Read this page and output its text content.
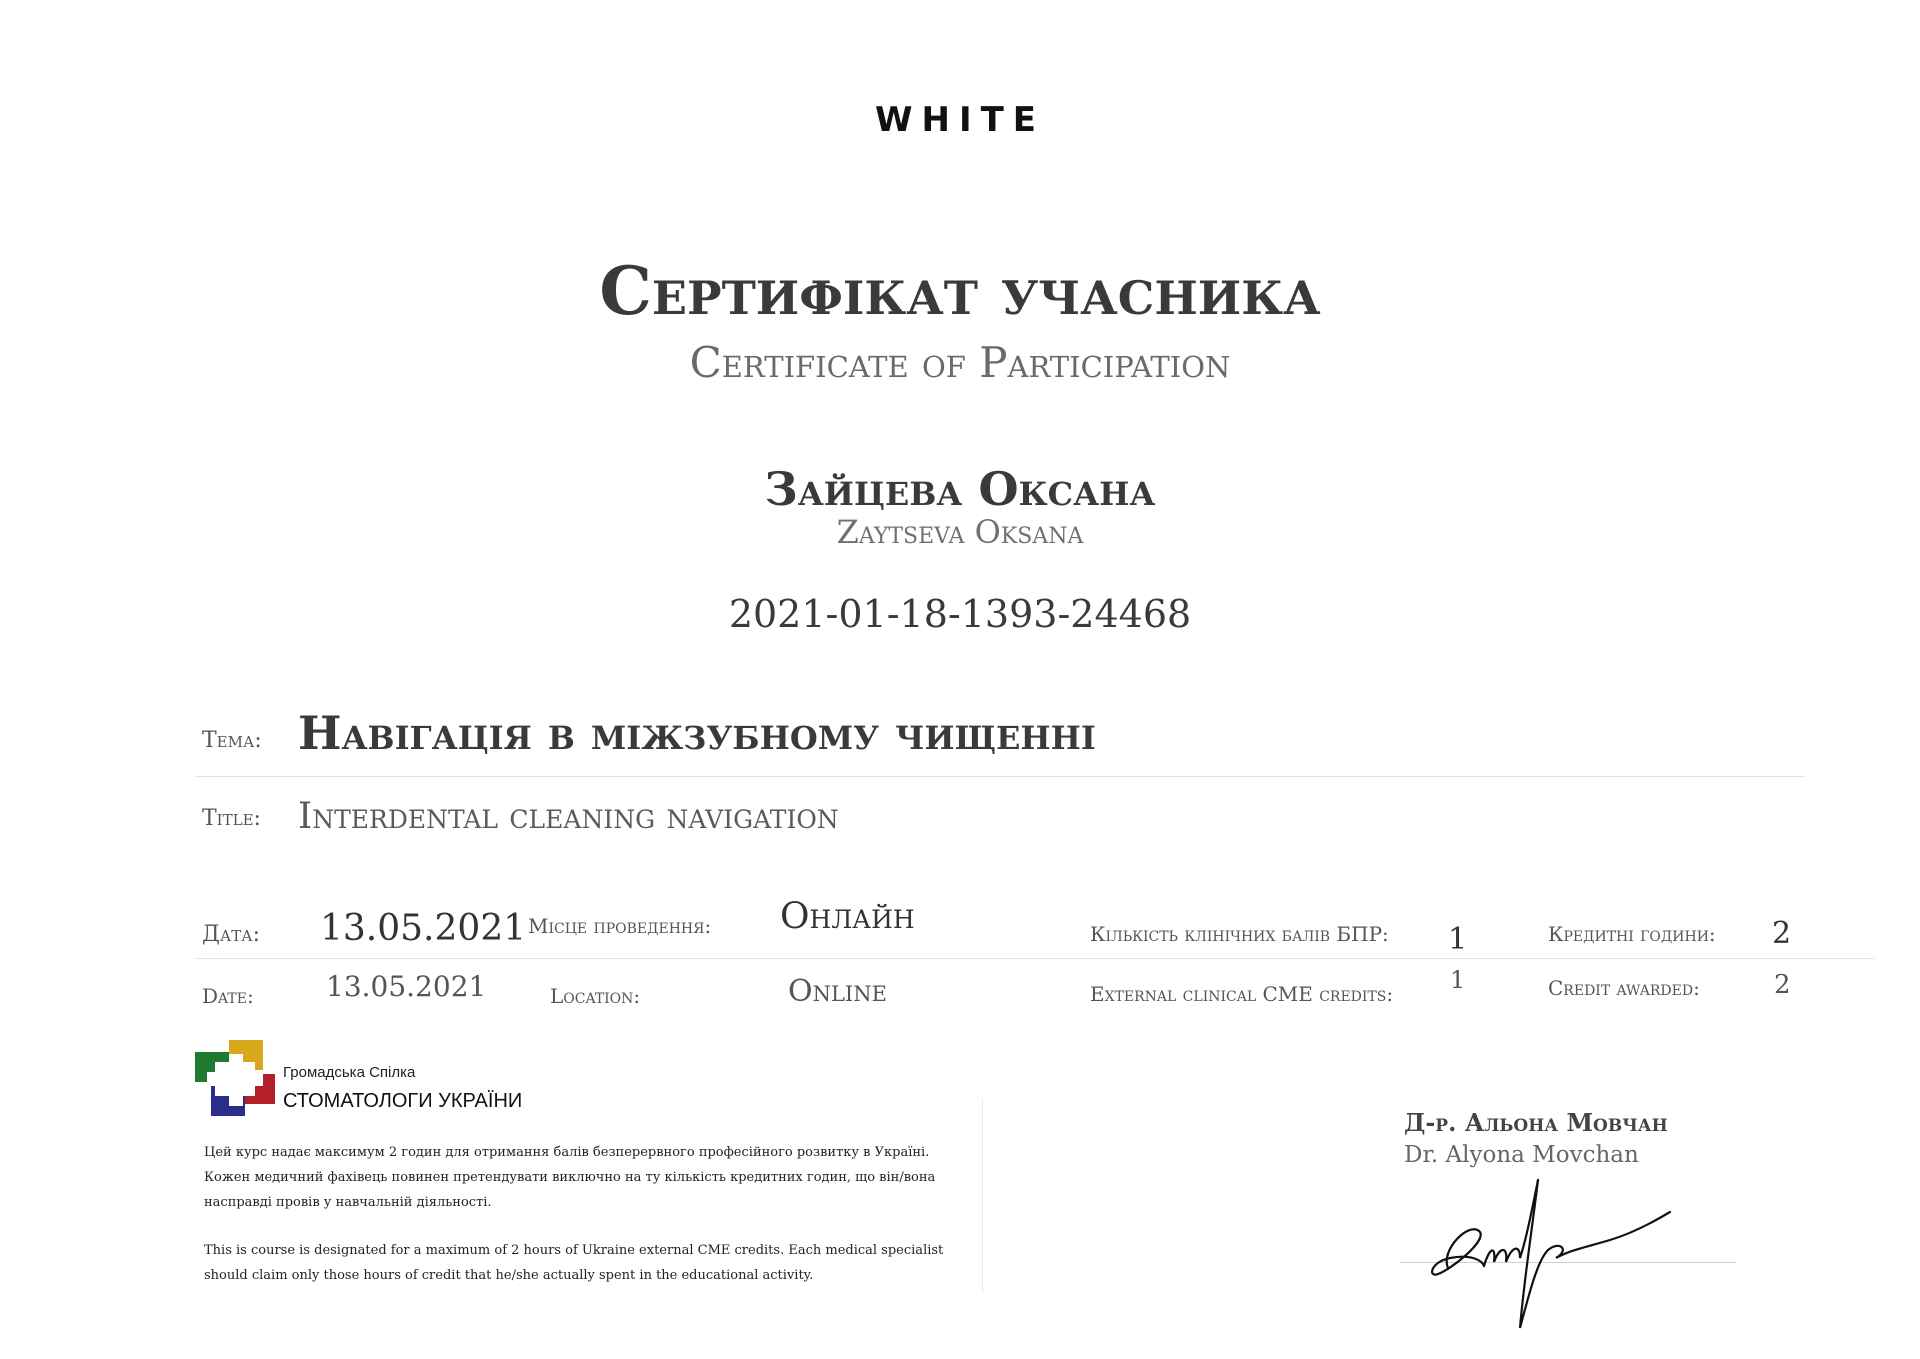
WHITE
Сертифікат учасника
Certificate of Participation
Зайцева Оксана
Zaytseva Oksana
2021-01-18-1393-24468
Тема: Навігація в міжзубному чищенні
Title: Interdental cleaning navigation
Дата: 13.05.2021 Місце проведення: Онлайн	Кількість клінічних балів БПР: 1	Кредитні години: 2
Date:	13.05.2021	Location:	Online	External clinical CME credits: 1	Credit awarded:	2
Громадська Спілка
СТОМАТОЛОГИ УКРАЇНИ
Цей курс надає максимум 2 годин для отримання балів безперервного професійного розвитку в Україні. Кожен медичний фахівець повинен претендувати виключно на ту кількість кредитних годин, що він/вона насправді провів у навчальній діяльності.
This is course is designated for a maximum of 2 hours of Ukraine external CME credits. Each medical specialist should claim only those hours of credit that he/she actually spent in the educational activity.
Д-р. Альона Мовчан
Dr. Alyona Movchan
